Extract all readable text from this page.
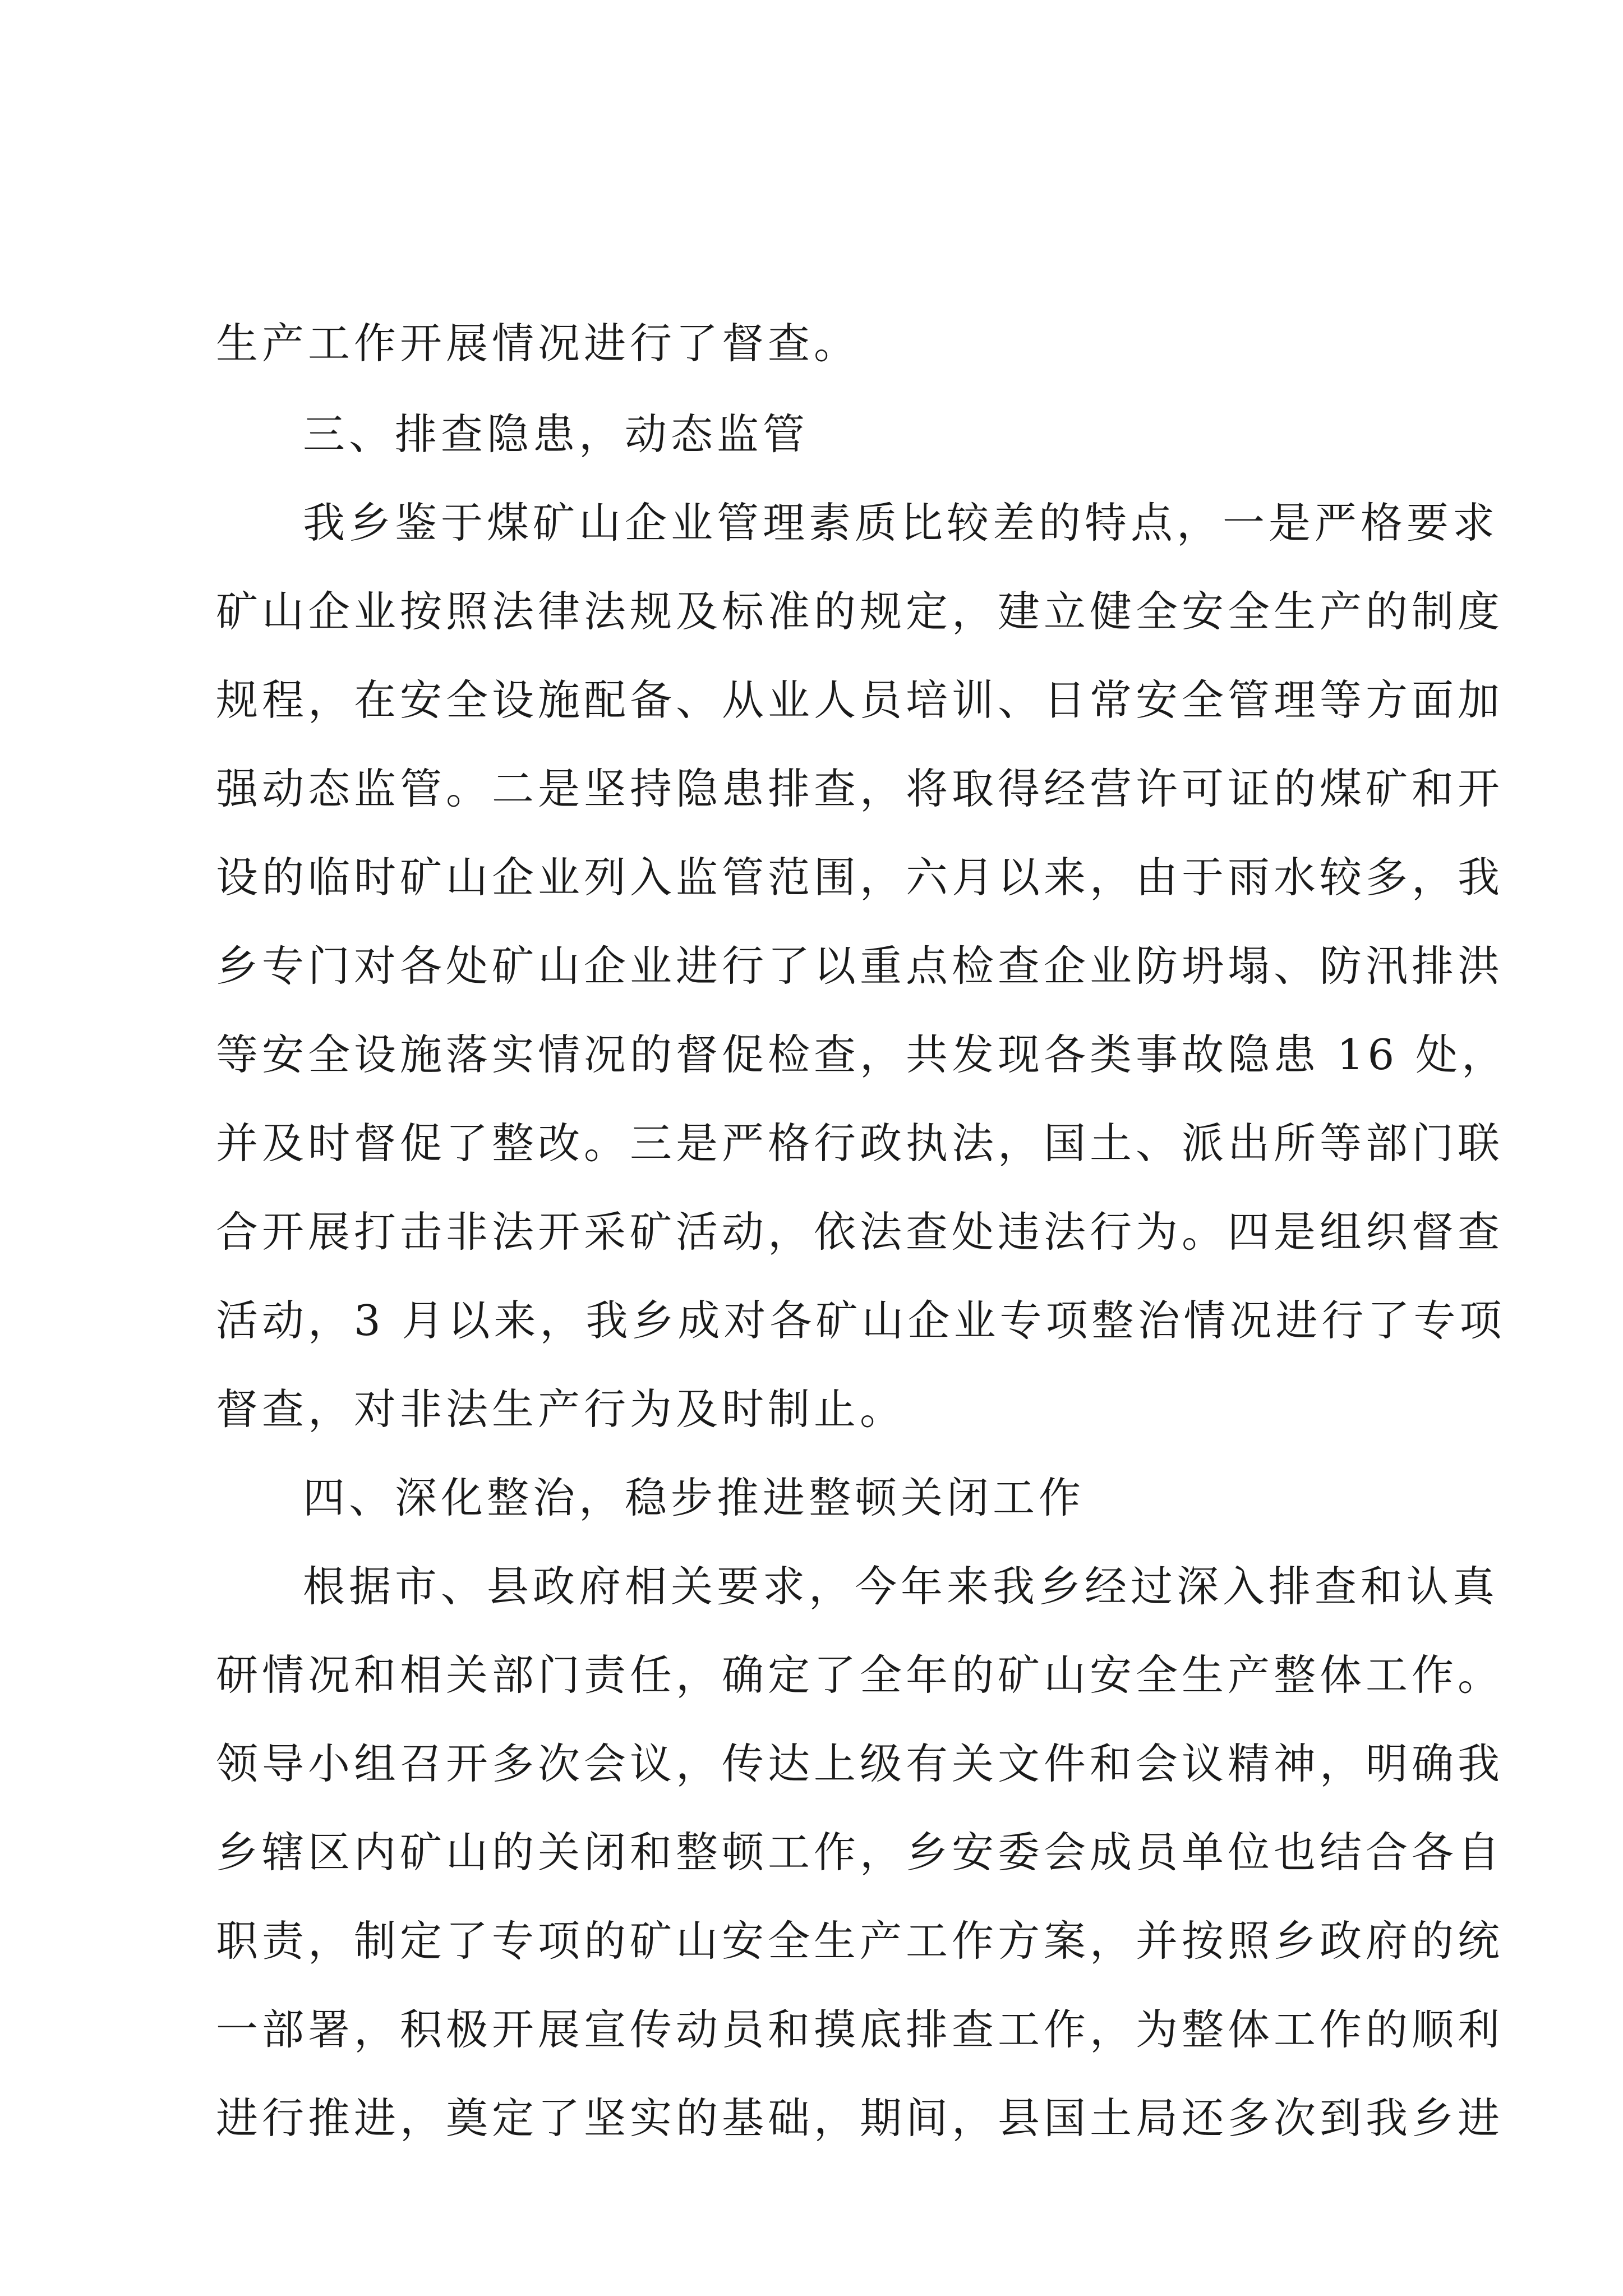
生产工作开展情况进行了督查。
三、排查隐患，动态监管
我乡鉴于煤矿山企业管理素质比较差的特点，一是严格要求
矿山企业按照法律法规及标准的规定，建立健全安全生产的制度
规程，在安全设施配备、从业人员培训、日常安全管理等方面加
强动态监管。二是坚持隐患排查，将取得经营许可证的煤矿和开
设的临时矿山企业列入监管范围，六月以来，由于雨水较多，我
乡专门对各处矿山企业进行了以重点检查企业防坍塌、防汛排洪
等安全设施落实情况的督促检查，共发现各类事故隐患 16 处，
并及时督促了整改。三是严格行政执法，国土、派出所等部门联
合开展打击非法开采矿活动，依法查处违法行为。四是组织督查
活动，3 月以来，我乡成对各矿山企业专项整治情况进行了专项
督查，对非法生产行为及时制止。
四、深化整治，稳步推进整顿关闭工作
根据市、县政府相关要求，今年来我乡经过深入排查和认真
研情况和相关部门责任，确定了全年的矿山安全生产整体工作。
领导小组召开多次会议，传达上级有关文件和会议精神，明确我
乡辖区内矿山的关闭和整顿工作，乡安委会成员单位也结合各自
职责，制定了专项的矿山安全生产工作方案，并按照乡政府的统
一部署，积极开展宣传动员和摸底排查工作，为整体工作的顺利
进行推进，奠定了坚实的基础，期间，县国土局还多次到我乡进
